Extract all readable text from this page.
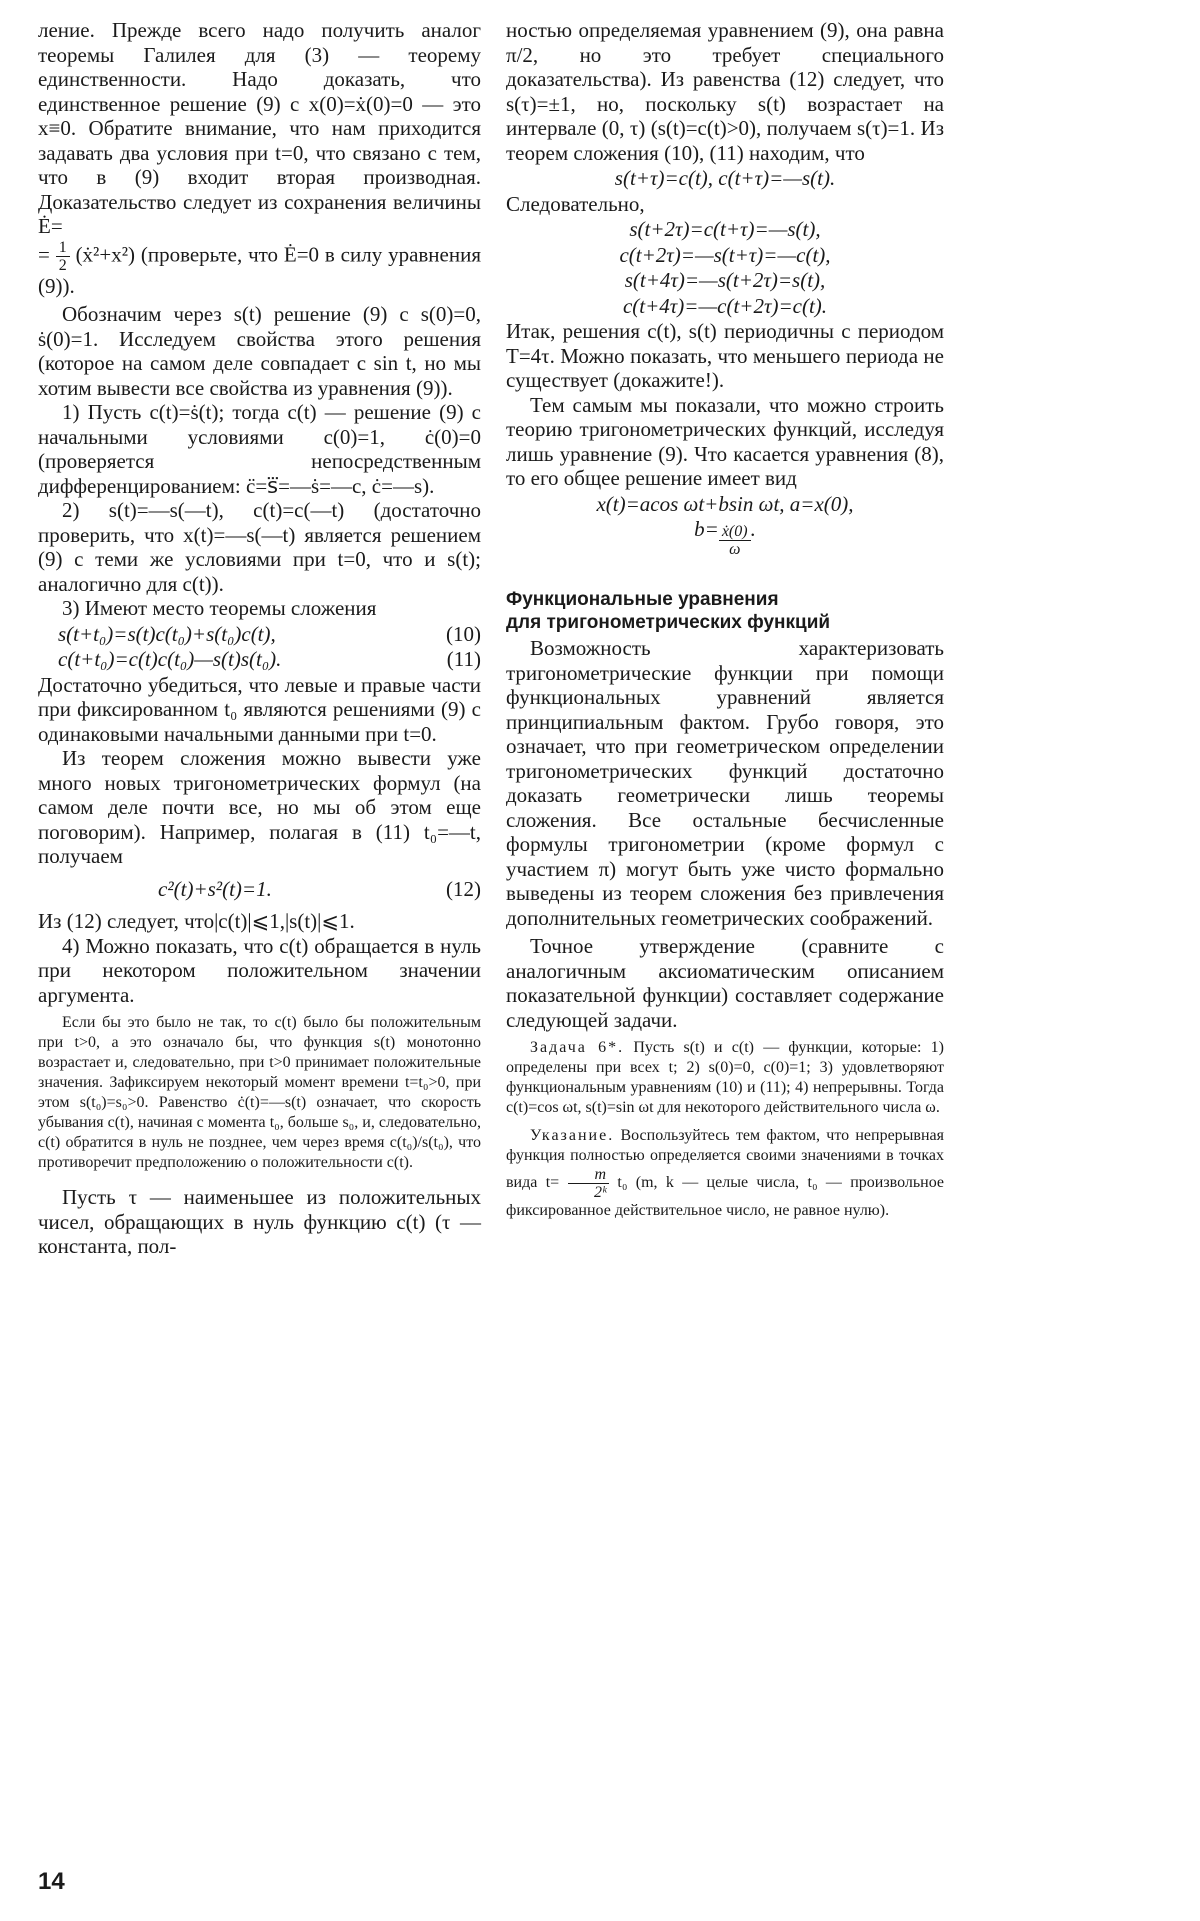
ление. Прежде всего надо получить аналог теоремы Галилея для (3) — теорему единственности. Надо доказать, что единственное решение (9) с x(0)=ẋ(0)=0 — это x≡0. Обратите внимание, что нам приходится задавать два условия при t=0, что связано с тем, что в (9) входит вторая производная. Доказательство следует из сохранения величины Ė=

= $\frac{1}{2}$ (ẋ²+x²) (проверьте, что Ė=0 в силу уравнения (9)).

Обозначим через s(t) решение (9) с s(0)=0, ṡ(0)=1. Исследуем свойства этого решения (которое на самом деле совпадает с sin t, но мы хотим вывести все свойства из уравнения (9)).

1) Пусть c(t)=ṡ(t); тогда c(t) — решение (9) с начальными условиями c(0)=1, ċ(0)=0 (проверяется непосредственным дифференцированием: c̈=s⃛=—ṡ=—c, ċ=—s).

2) s(t)=—s(—t), c(t)=c(—t) (достаточно проверить, что x(t)=—s(—t) является решением (9) с теми же условиями при t=0, что и s(t); аналогично для c(t)).

3) Имеют место теоремы сложения

s(t+t₀)=s(t)c(t₀)+s(t₀)c(t),	(10)
c(t+t₀)=c(t)c(t₀)—s(t)s(t₀).	(11)

Достаточно убедиться, что левые и правые части при фиксированном t₀ являются решениями (9) с одинаковыми начальными данными при t=0.

Из теорем сложения можно вывести уже много новых тригонометрических формул (на самом деле почти все, но мы об этом еще поговорим). Например, полагая в (11) t₀=—t, получаем

c²(t)+s²(t)=1.	(12)

Из (12) следует, что|c(t)|⩽1,|s(t)|⩽1.

4) Можно показать, что c(t) обращается в нуль при некотором положительном значении аргумента.

Если бы это было не так, то c(t) было бы положительным при t>0, а это означало бы, что функция s(t) монотонно возрастает и, следовательно, при t>0 принимает положительные значения. Зафиксируем некоторый момент времени t=t₀>0, при этом s(t₀)=s₀>0. Равенство ċ(t)=—s(t) означает, что скорость убывания c(t), начиная с момента t₀, больше s₀, и, следовательно, c(t) обратится в нуль не позднее, чем через время c(t₀)/s(t₀), что противоречит предположению о положительности c(t).

Пусть τ — наименьшее из положительных чисел, обращающих в нуль функцию c(t) (τ — константа, пол-

ностью определяемая уравнением (9), она равна π/2, но это требует специального доказательства). Из равенства (12) следует, что s(τ)=±1, но, поскольку s(t) возрастает на интервале (0, τ) (s(t)=c(t)>0), получаем s(τ)=1. Из теорем сложения (10), (11) находим, что

s(t+τ)=c(t), c(t+τ)=—s(t).

Следовательно,

s(t+2τ)=c(t+τ)=—s(t),
c(t+2τ)=—s(t+τ)=—c(t),
s(t+4τ)=—s(t+2τ)=s(t),
c(t+4τ)=—c(t+2τ)=c(t).

Итак, решения c(t), s(t) периодичны с периодом T=4τ. Можно показать, что меньшего периода не существует (докажите!).

Тем самым мы показали, что можно строить теорию тригонометрических функций, исследуя лишь уравнение (9). Что касается уравнения (8), то его общее решение имеет вид

x(t)=acos ωt+bsin ωt, a=x(0),
$b= \frac{\text{ẋ(0)}}{\omega}$ .
Функциональные уравнения
для тригонометрических функций

Возможность характеризовать тригонометрические функции при помощи функциональных уравнений является принципиальным фактом. Грубо говоря, это означает, что при геометрическом определении тригонометрических функций достаточно доказать геометрически лишь теоремы сложения. Все остальные бесчисленные формулы тригонометрии (кроме формул с участием π) могут быть уже чисто формально выведены из теорем сложения без привлечения дополнительных геометрических соображений.

Точное утверждение (сравните с аналогичным аксиоматическим описанием показательной функции) составляет содержание следующей задачи.

Задача 6*. Пусть s(t) и c(t) — функции, которые: 1) определены при всех t; 2) s(0)=0, c(0)=1; 3) удовлетворяют функциональным уравнениям (10) и (11); 4) непрерывны. Тогда c(t)=cos ωt, s(t)=sin ωt для некоторого действительного числа ω.

Указание. Воспользуйтесь тем фактом, что непрерывная функция полностью определяется своими значениями в точках вида $t= \frac{m}{\text{2ᵏ}} t_0$ (m, k — целые числа, t₀ — произвольное фиксированное действительное число, не равное нулю).

14
